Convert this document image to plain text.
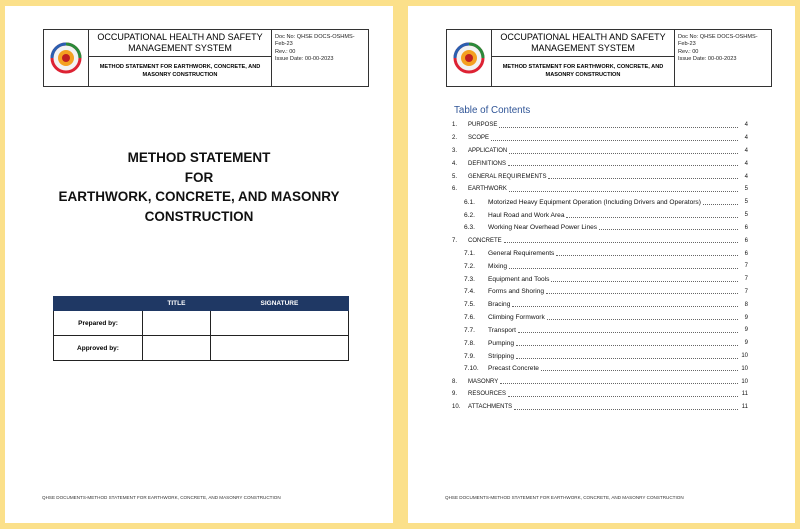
OCCUPATIONAL HEALTH AND SAFETY MANAGEMENT SYSTEM
METHOD STATEMENT FOR EARTHWORK, CONCRETE, AND MASONRY CONSTRUCTION
Doc No: QHSE DOCS-OSHMS-Feb-23
Rev.: 00
Issue Date: 00-00-2023
METHOD STATEMENT
FOR
EARTHWORK, CONCRETE, AND MASONRY
CONSTRUCTION
	TITLE	SIGNATURE
Prepared by:		
Approved by:		
QHSE DOCUMENTS-METHOD STATEMENT FOR EARTHWORK, CONCRETE, AND MASONRY CONSTRUCTION
OCCUPATIONAL HEALTH AND SAFETY MANAGEMENT SYSTEM
METHOD STATEMENT FOR EARTHWORK, CONCRETE, AND MASONRY CONSTRUCTION
Doc No: QHSE DOCS-OSHMS-Feb-23
Rev.: 00
Issue Date: 00-00-2023
Table of Contents
1.	PURPOSE	4
2.	SCOPE	4
3.	APPLICATION	4
4.	DEFINITIONS	4
5.	GENERAL REQUIREMENTS	4
6.	EARTHWORK	5
6.1.	Motorized Heavy Equipment Operation (Including Drivers and Operators)	5
6.2.	Haul Road and Work Area	5
6.3.	Working Near Overhead Power Lines	6
7.	CONCRETE	6
7.1.	General Requirements	6
7.2.	Mixing	7
7.3.	Equipment and Tools	7
7.4.	Forms and Shoring	7
7.5.	Bracing	8
7.6.	Climbing Formwork	9
7.7.	Transport	9
7.8.	Pumping	9
7.9.	Stripping	10
7.10.	Precast Concrete	10
8.	MASONRY	10
9.	RESOURCES	11
10.	ATTACHMENTS	11
QHSE DOCUMENTS-METHOD STATEMENT FOR EARTHWORK, CONCRETE, AND MASONRY CONSTRUCTION
